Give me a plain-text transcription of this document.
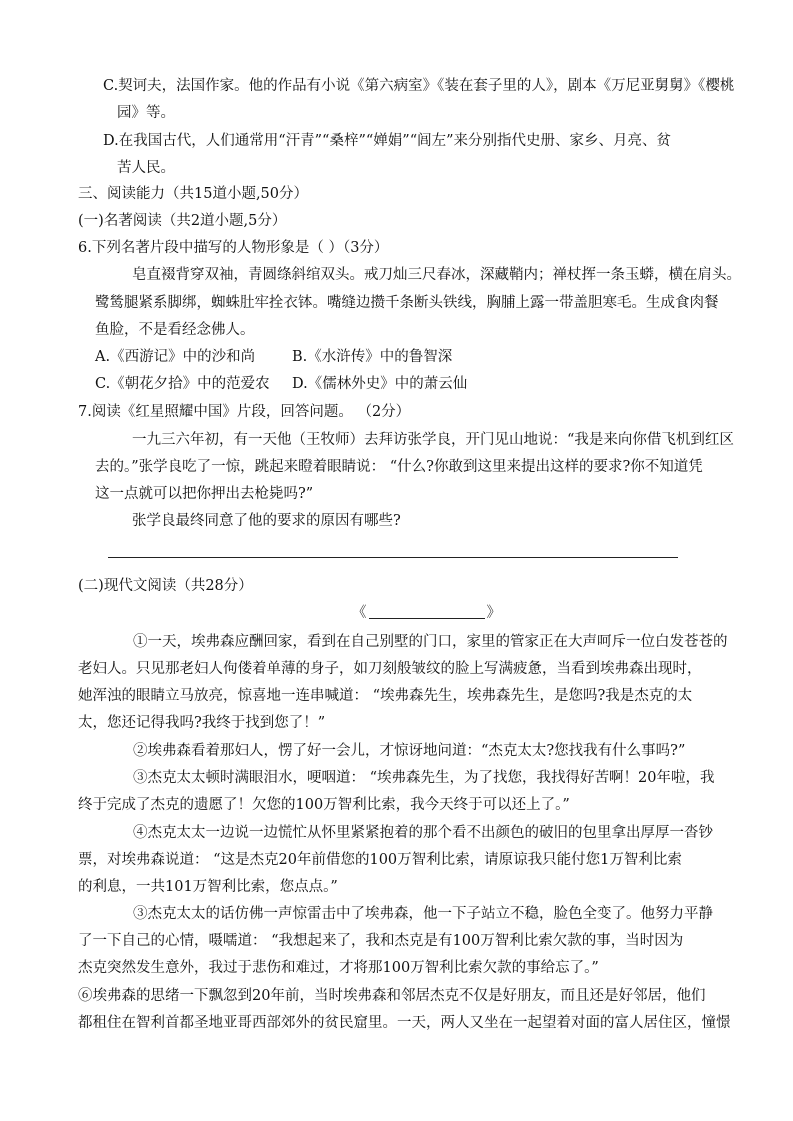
C.契诃夫，法国作家。他的作品有小说《第六病室》《装在套子里的人》，剧本《万尼亚舅舅》《樱桃
园》等。
D.在我国古代，人们通常用“汗青”“桑梓”“婵娟”“闾左”来分别指代史册、家乡、月亮、贫
苦人民。
三、阅读能力（共15道小题,50分）
(一)名著阅读（共2道小题,5分）
6.下列名著片段中描写的人物形象是（ ）（3分）
皂直裰背穿双袖，青圆绦斜绾双头。戒刀灿三尺春冰，深藏鞘内；禅杖挥一条玉蟒，横在肩头。
鹭鸶腿紧系脚绑，蜘蛛肚牢拴衣钵。嘴缝边攒千条断头铁线，胸脯上露一带盖胆寒毛。生成食肉餐
鱼脸，不是看经念佛人。
A.《西游记》中的沙和尚	B.《水浒传》中的鲁智深
C.《朝花夕拾》中的范爱农 D.《儒林外史》中的萧云仙
7.阅读《红星照耀中国》片段，回答问题。 （2分）
一九三六年初，有一天他（王牧师）去拜访张学良，开门见山地说：“我是来向你借飞机到红区
去的。”张学良吃了一惊，跳起来瞪着眼睛说： “什么?你敢到这里来提出这样的要求?你不知道凭
这一点就可以把你押出去枪毙吗?”
张学良最终同意了他的要求的原因有哪些?
(二)现代文阅读（共28分）
《	》
①一天，埃弗森应酬回家，看到在自己别墅的门口，家里的管家正在大声呵斥一位白发苍苍的
老妇人。只见那老妇人佝偻着单薄的身子，如刀刻般皱纹的脸上写满疲惫，当看到埃弗森出现时，
她浑浊的眼睛立马放亮，惊喜地一连串喊道： “埃弗森先生，埃弗森先生，是您吗?我是杰克的太
太，您还记得我吗?我终于找到您了！”
②埃弗森看着那妇人，愣了好一会儿，才惊讶地问道：“杰克太太?您找我有什么事吗?”
③杰克太太顿时满眼泪水，哽咽道： “埃弗森先生，为了找您，我找得好苦啊！20年啦，我
终于完成了杰克的遗愿了！欠您的100万智利比索，我今天终于可以还上了。”
④杰克太太一边说一边慌忙从怀里紧紧抱着的那个看不出颜色的破旧的包里拿出厚厚一沓钞
票，对埃弗森说道： “这是杰克20年前借您的100万智利比索，请原谅我只能付您1万智利比索
的利息，一共101万智利比索，您点点。”
③杰克太太的话仿佛一声惊雷击中了埃弗森，他一下子站立不稳，脸色全变了。他努力平静
了一下自己的心情，嗫嚅道： “我想起来了，我和杰克是有100万智利比索欠款的事，当时因为
杰克突然发生意外，我过于悲伤和难过，才将那100万智利比索欠款的事给忘了。”
⑥埃弗森的思绪一下飘忽到20年前，当时埃弗森和邻居杰克不仅是好朋友，而且还是好邻居，他们
都租住在智利首都圣地亚哥西部郊外的贫民窟里。一天，两人又坐在一起望着对面的富人居住区，憧憬
